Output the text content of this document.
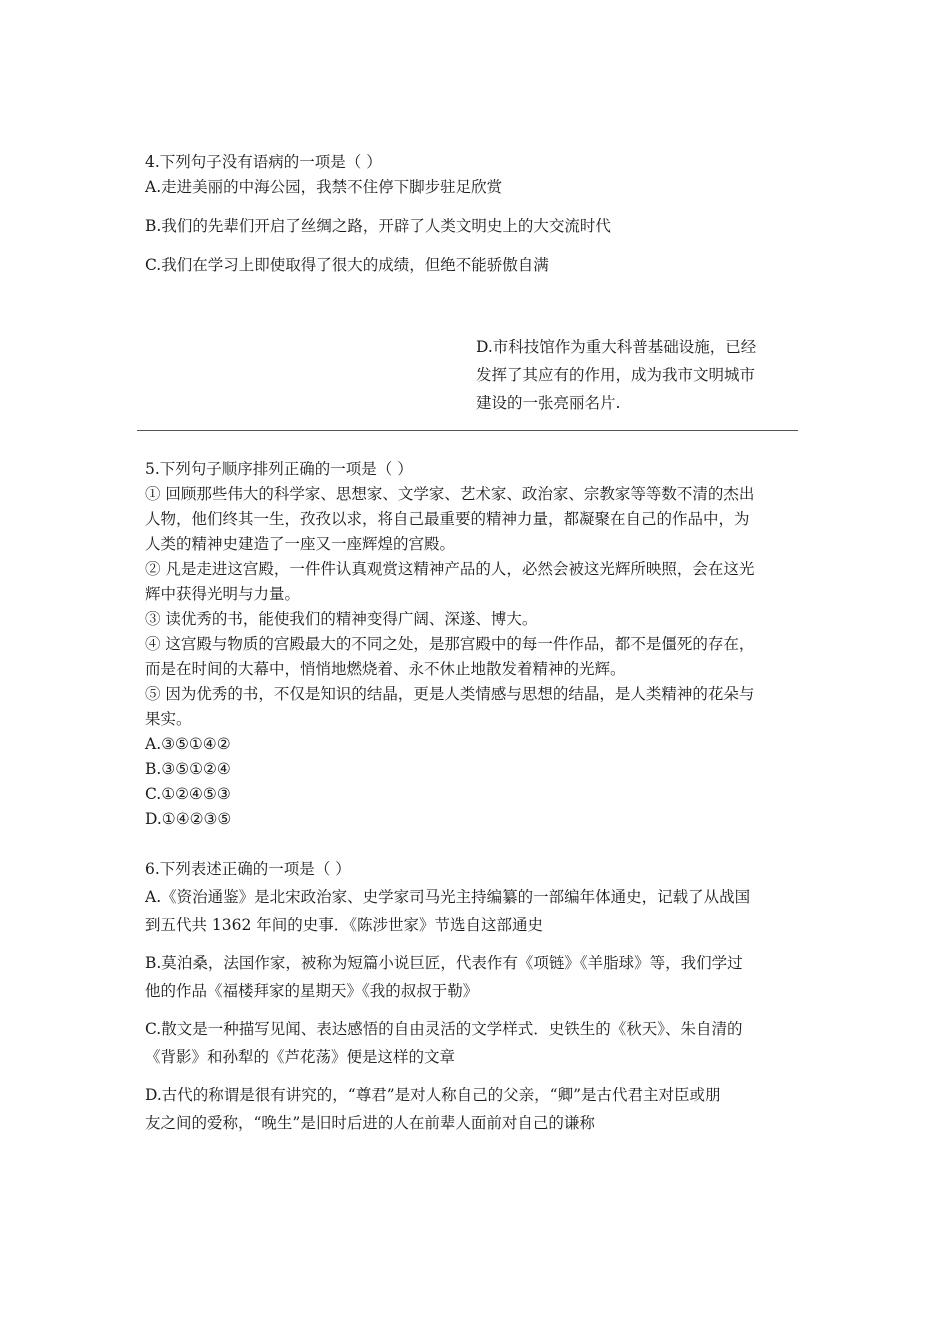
4.下列句子没有语病的一项是（ ）
A.走进美丽的中海公园，我禁不住停下脚步驻足欣赏
B.我们的先辈们开启了丝绸之路，开辟了人类文明史上的大交流时代
C.我们在学习上即使取得了很大的成绩，但绝不能骄傲自满
D.市科技馆作为重大科普基础设施，已经
发挥了其应有的作用，成为我市文明城市
建设的一张亮丽名片.
5.下列句子顺序排列正确的一项是（ ）
① 回顾那些伟大的科学家、思想家、文学家、艺术家、政治家、宗教家等等数不清的杰出
人物，他们终其一生，孜孜以求，将自己最重要的精神力量，都凝聚在自己的作品中，为
人类的精神史建造了一座又一座辉煌的宫殿。
② 凡是走进这宫殿，一件件认真观赏这精神产品的人，必然会被这光辉所映照，会在这光
辉中获得光明与力量。
③ 读优秀的书，能使我们的精神变得广阔、深遂、博大。
④ 这宫殿与物质的宫殿最大的不同之处，是那宫殿中的每一件作品，都不是僵死的存在，
而是在时间的大幕中，悄悄地燃烧着、永不休止地散发着精神的光辉。
⑤ 因为优秀的书，不仅是知识的结晶，更是人类情感与思想的结晶，是人类精神的花朵与
果实。
A.③⑤①④②
B.③⑤①②④
C.①②④⑤③
D.①④②③⑤
6.下列表述正确的一项是（ ）
A.《资治通鉴》是北宋政治家、史学家司马光主持编纂的一部编年体通史，记载了从战国
到五代共 1362 年间的史事．《陈涉世家》节选自这部通史
B.莫泊桑，法国作家，被称为短篇小说巨匠，代表作有《项链》《羊脂球》等，我们学过
他的作品《福楼拜家的星期天》《我的叔叔于勒》
C.散文是一种描写见闻、表达感悟的自由灵活的文学样式．史铁生的《秋天》、朱自清的
《背影》和孙犁的《芦花荡》便是这样的文章
D.古代的称谓是很有讲究的，“尊君”是对人称自己的父亲，“卿”是古代君主对臣或朋
友之间的爱称，“晚生”是旧时后进的人在前辈人面前对自己的谦称
